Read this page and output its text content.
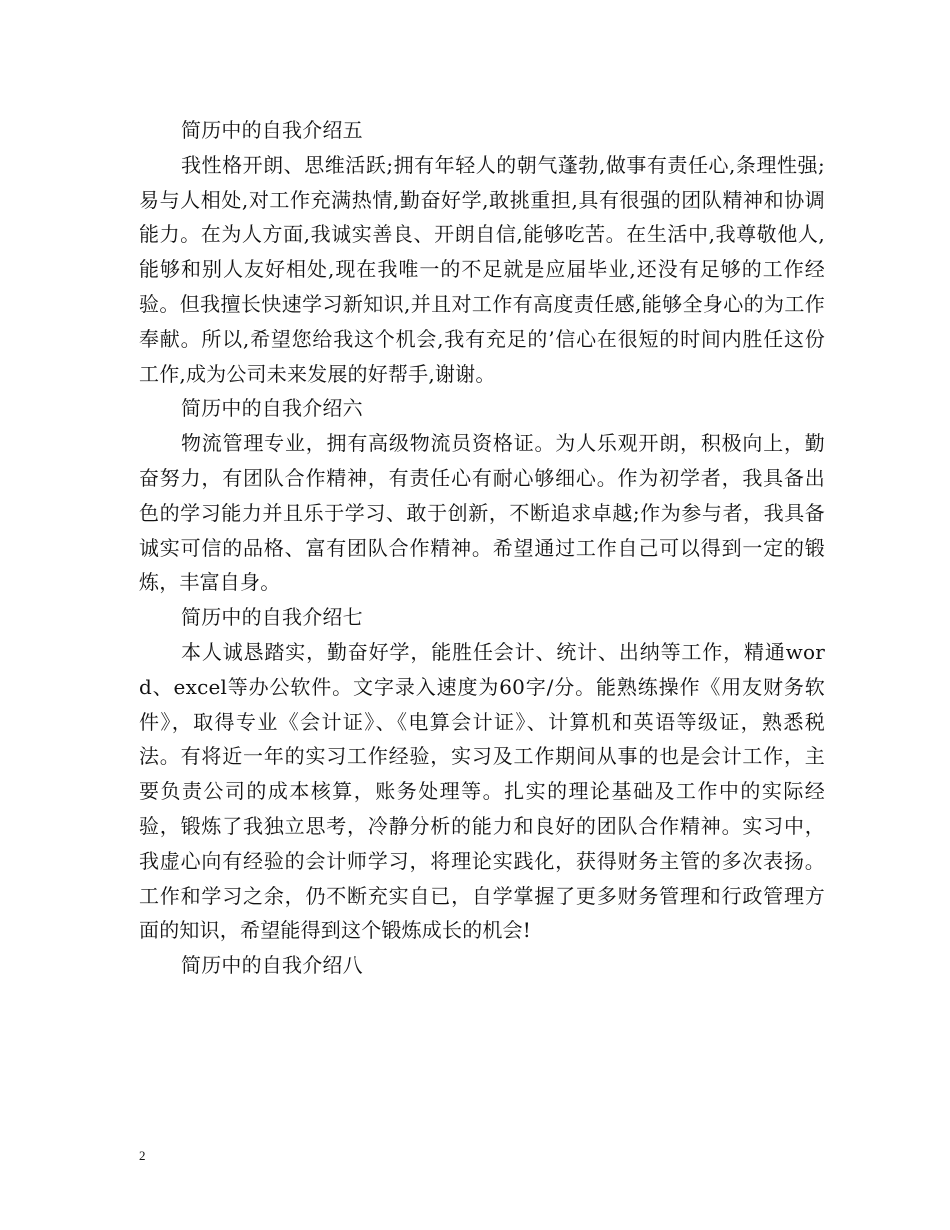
简历中的自我介绍五

我性格开朗、思维活跃;拥有年轻人的朝气蓬勃,做事有责任心,条理性强;易与人相处,对工作充满热情,勤奋好学,敢挑重担,具有很强的团队精神和协调能力。在为人方面,我诚实善良、开朗自信,能够吃苦。在生活中,我尊敬他人,能够和别人友好相处,现在我唯一的不足就是应届毕业,还没有足够的工作经验。但我擅长快速学习新知识,并且对工作有高度责任感,能够全身心的为工作奉献。所以,希望您给我这个机会,我有充足的’信心在很短的时间内胜任这份工作,成为公司未来发展的好帮手,谢谢。

简历中的自我介绍六

物流管理专业，拥有高级物流员资格证。为人乐观开朗，积极向上，勤奋努力，有团队合作精神，有责任心有耐心够细心。作为初学者，我具备出色的学习能力并且乐于学习、敢于创新，不断追求卓越;作为参与者，我具备诚实可信的品格、富有团队合作精神。希望通过工作自己可以得到一定的锻炼，丰富自身。

简历中的自我介绍七

本人诚恳踏实，勤奋好学，能胜任会计、统计、出纳等工作，精通word、excel等办公软件。文字录入速度为60字/分。能熟练操作《用友财务软件》，取得专业《会计证》、《电算会计证》、计算机和英语等级证，熟悉税法。有将近一年的实习工作经验，实习及工作期间从事的也是会计工作，主要负责公司的成本核算，账务处理等。扎实的理论基础及工作中的实际经验，锻炼了我独立思考，冷静分析的能力和良好的团队合作精神。实习中，我虚心向有经验的会计师学习，将理论实践化，获得财务主管的多次表扬。工作和学习之余，仍不断充实自已，自学掌握了更多财务管理和行政管理方面的知识，希望能得到这个锻炼成长的机会!

简历中的自我介绍八

2
